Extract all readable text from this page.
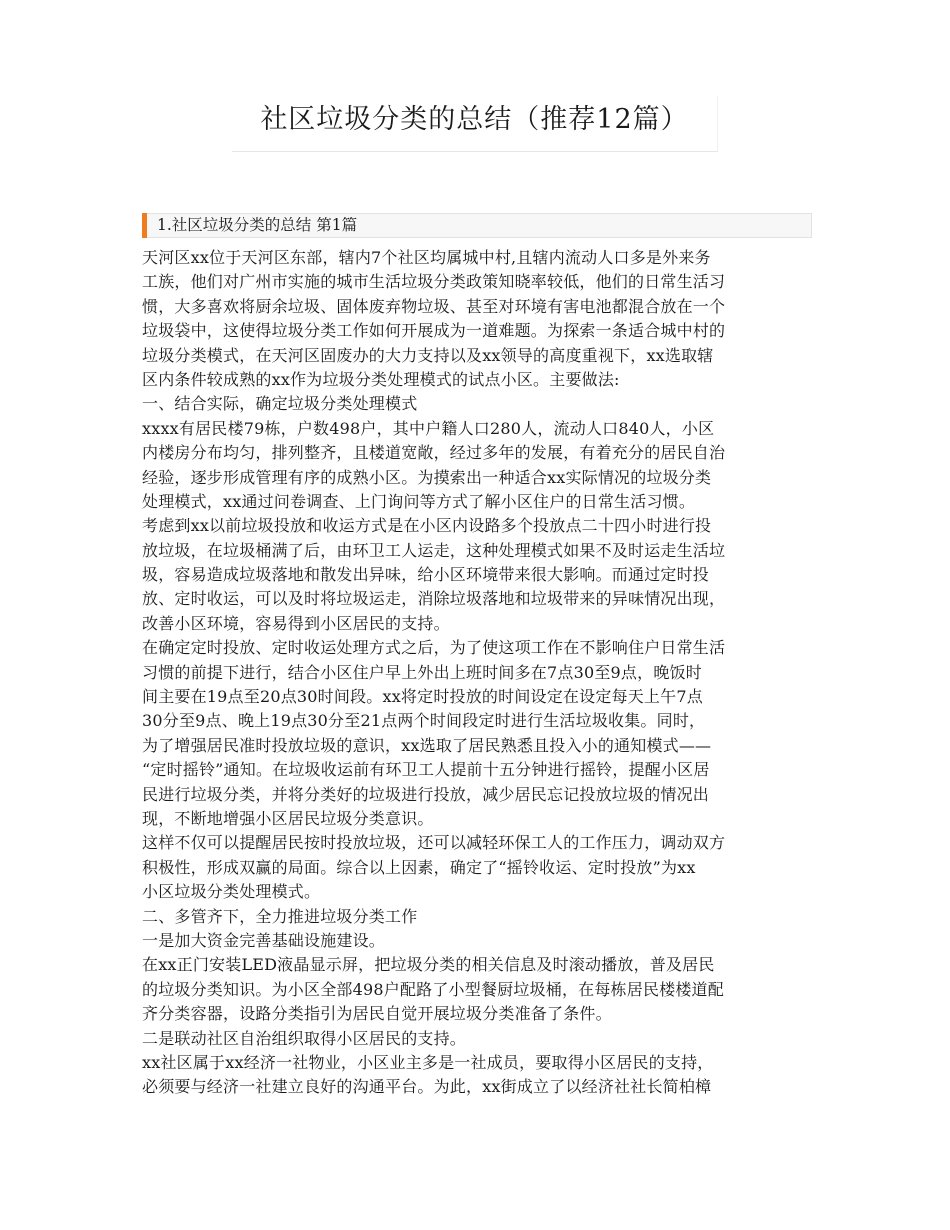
社区垃圾分类的总结（推荐12篇）
1.社区垃圾分类的总结 第1篇
天河区xx位于天河区东部，辖内7个社区均属城中村,且辖内流动人口多是外来务
工族，他们对广州市实施的城市生活垃圾分类政策知晓率较低，他们的日常生活习
惯，大多喜欢将厨余垃圾、固体废弃物垃圾、甚至对环境有害电池都混合放在一个
垃圾袋中，这使得垃圾分类工作如何开展成为一道难题。为探索一条适合城中村的
垃圾分类模式，在天河区固废办的大力支持以及xx领导的高度重视下，xx选取辖
区内条件较成熟的xx作为垃圾分类处理模式的试点小区。主要做法:
一、结合实际，确定垃圾分类处理模式
xxxx有居民楼79栋，户数498户，其中户籍人口280人，流动人口840人，小区
内楼房分布均匀，排列整齐，且楼道宽敞，经过多年的发展，有着充分的居民自治
经验，逐步形成管理有序的成熟小区。为摸索出一种适合xx实际情况的垃圾分类
处理模式，xx通过问卷调查、上门询问等方式了解小区住户的日常生活习惯。
考虑到xx以前垃圾投放和收运方式是在小区内设路多个投放点二十四小时进行投
放垃圾，在垃圾桶满了后，由环卫工人运走，这种处理模式如果不及时运走生活垃
圾，容易造成垃圾落地和散发出异味，给小区环境带来很大影响。而通过定时投
放、定时收运，可以及时将垃圾运走，消除垃圾落地和垃圾带来的异味情况出现，
改善小区环境，容易得到小区居民的支持。
在确定定时投放、定时收运处理方式之后，为了使这项工作在不影响住户日常生活
习惯的前提下进行，结合小区住户早上外出上班时间多在7点30至9点，晚饭时
间主要在19点至20点30时间段。xx将定时投放的时间设定在设定每天上午7点
30分至9点、晚上19点30分至21点两个时间段定时进行生活垃圾收集。同时，
为了增强居民准时投放垃圾的意识，xx选取了居民熟悉且投入小的通知模式——
“定时摇铃”通知。在垃圾收运前有环卫工人提前十五分钟进行摇铃，提醒小区居
民进行垃圾分类，并将分类好的垃圾进行投放，减少居民忘记投放垃圾的情况出
现，不断地增强小区居民垃圾分类意识。
这样不仅可以提醒居民按时投放垃圾，还可以减轻环保工人的工作压力，调动双方
积极性，形成双赢的局面。综合以上因素，确定了“摇铃收运、定时投放”为xx
小区垃圾分类处理模式。
二、多管齐下，全力推进垃圾分类工作
一是加大资金完善基础设施建设。
在xx正门安装LED液晶显示屏，把垃圾分类的相关信息及时滚动播放，普及居民
的垃圾分类知识。为小区全部498户配路了小型餐厨垃圾桶，在每栋居民楼楼道配
齐分类容器，设路分类指引为居民自觉开展垃圾分类准备了条件。
二是联动社区自治组织取得小区居民的支持。
xx社区属于xx经济一社物业，小区业主多是一社成员，要取得小区居民的支持，
必须要与经济一社建立良好的沟通平台。为此，xx街成立了以经济社社长简柏樟
